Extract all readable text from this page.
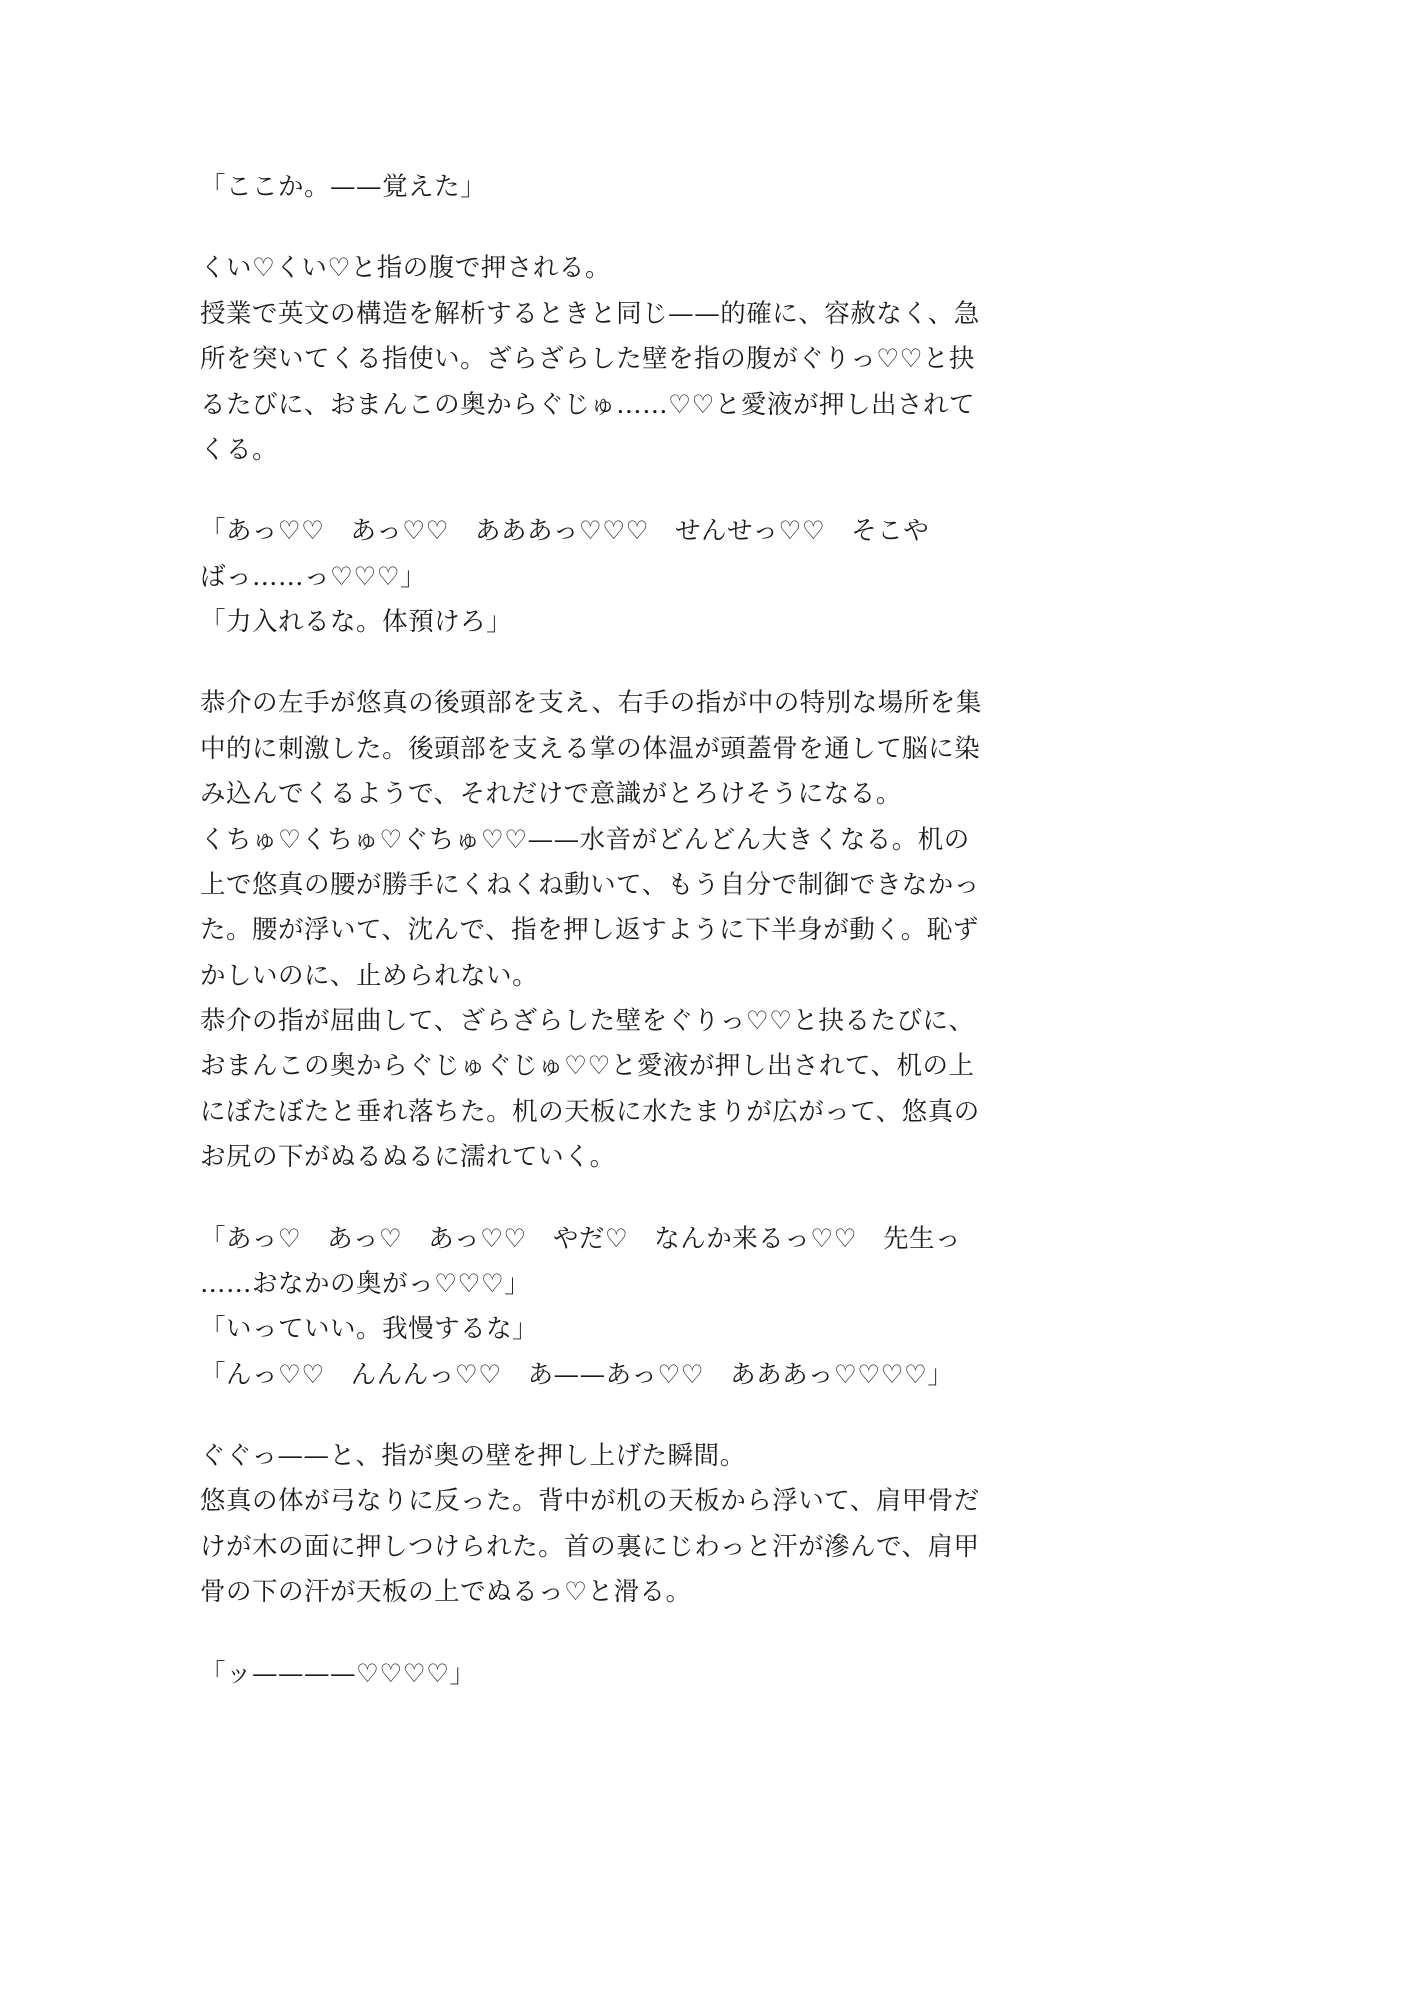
「ここか。——覚えた」
くい♡くい♡と指の腹で押される。
授業で英文の構造を解析するときと同じ——的確に、容赦なく、急
所を突いてくる指使い。ざらざらした壁を指の腹がぐりっ♡♡と抉
るたびに、おまんこの奥からぐじゅ……♡♡と愛液が押し出されて
くる。
「あっ♡♡　あっ♡♡　あああっ♡♡♡　せんせっ♡♡　そこや
ばっ……っ♡♡♡」
「力入れるな。体預けろ」
恭介の左手が悠真の後頭部を支え、右手の指が中の特別な場所を集
中的に刺激した。後頭部を支える掌の体温が頭蓋骨を通して脳に染
み込んでくるようで、それだけで意識がとろけそうになる。
くちゅ♡くちゅ♡ぐちゅ♡♡——水音がどんどん大きくなる。机の
上で悠真の腰が勝手にくねくね動いて、もう自分で制御できなかっ
た。腰が浮いて、沈んで、指を押し返すように下半身が動く。恥ず
かしいのに、止められない。
恭介の指が屈曲して、ざらざらした壁をぐりっ♡♡と抉るたびに、
おまんこの奥からぐじゅぐじゅ♡♡と愛液が押し出されて、机の上
にぼたぼたと垂れ落ちた。机の天板に水たまりが広がって、悠真の
お尻の下がぬるぬるに濡れていく。
「あっ♡　あっ♡　あっ♡♡　やだ♡　なんか来るっ♡♡　先生っ
……おなかの奥がっ♡♡♡」
「いっていい。我慢するな」
「んっ♡♡　んんんっ♡♡　あ——あっ♡♡　あああっ♡♡♡♡」
ぐぐっ——と、指が奥の壁を押し上げた瞬間。
悠真の体が弓なりに反った。背中が机の天板から浮いて、肩甲骨だ
けが木の面に押しつけられた。首の裏にじわっと汗が滲んで、肩甲
骨の下の汗が天板の上でぬるっ♡と滑る。
「ッ————♡♡♡♡」
